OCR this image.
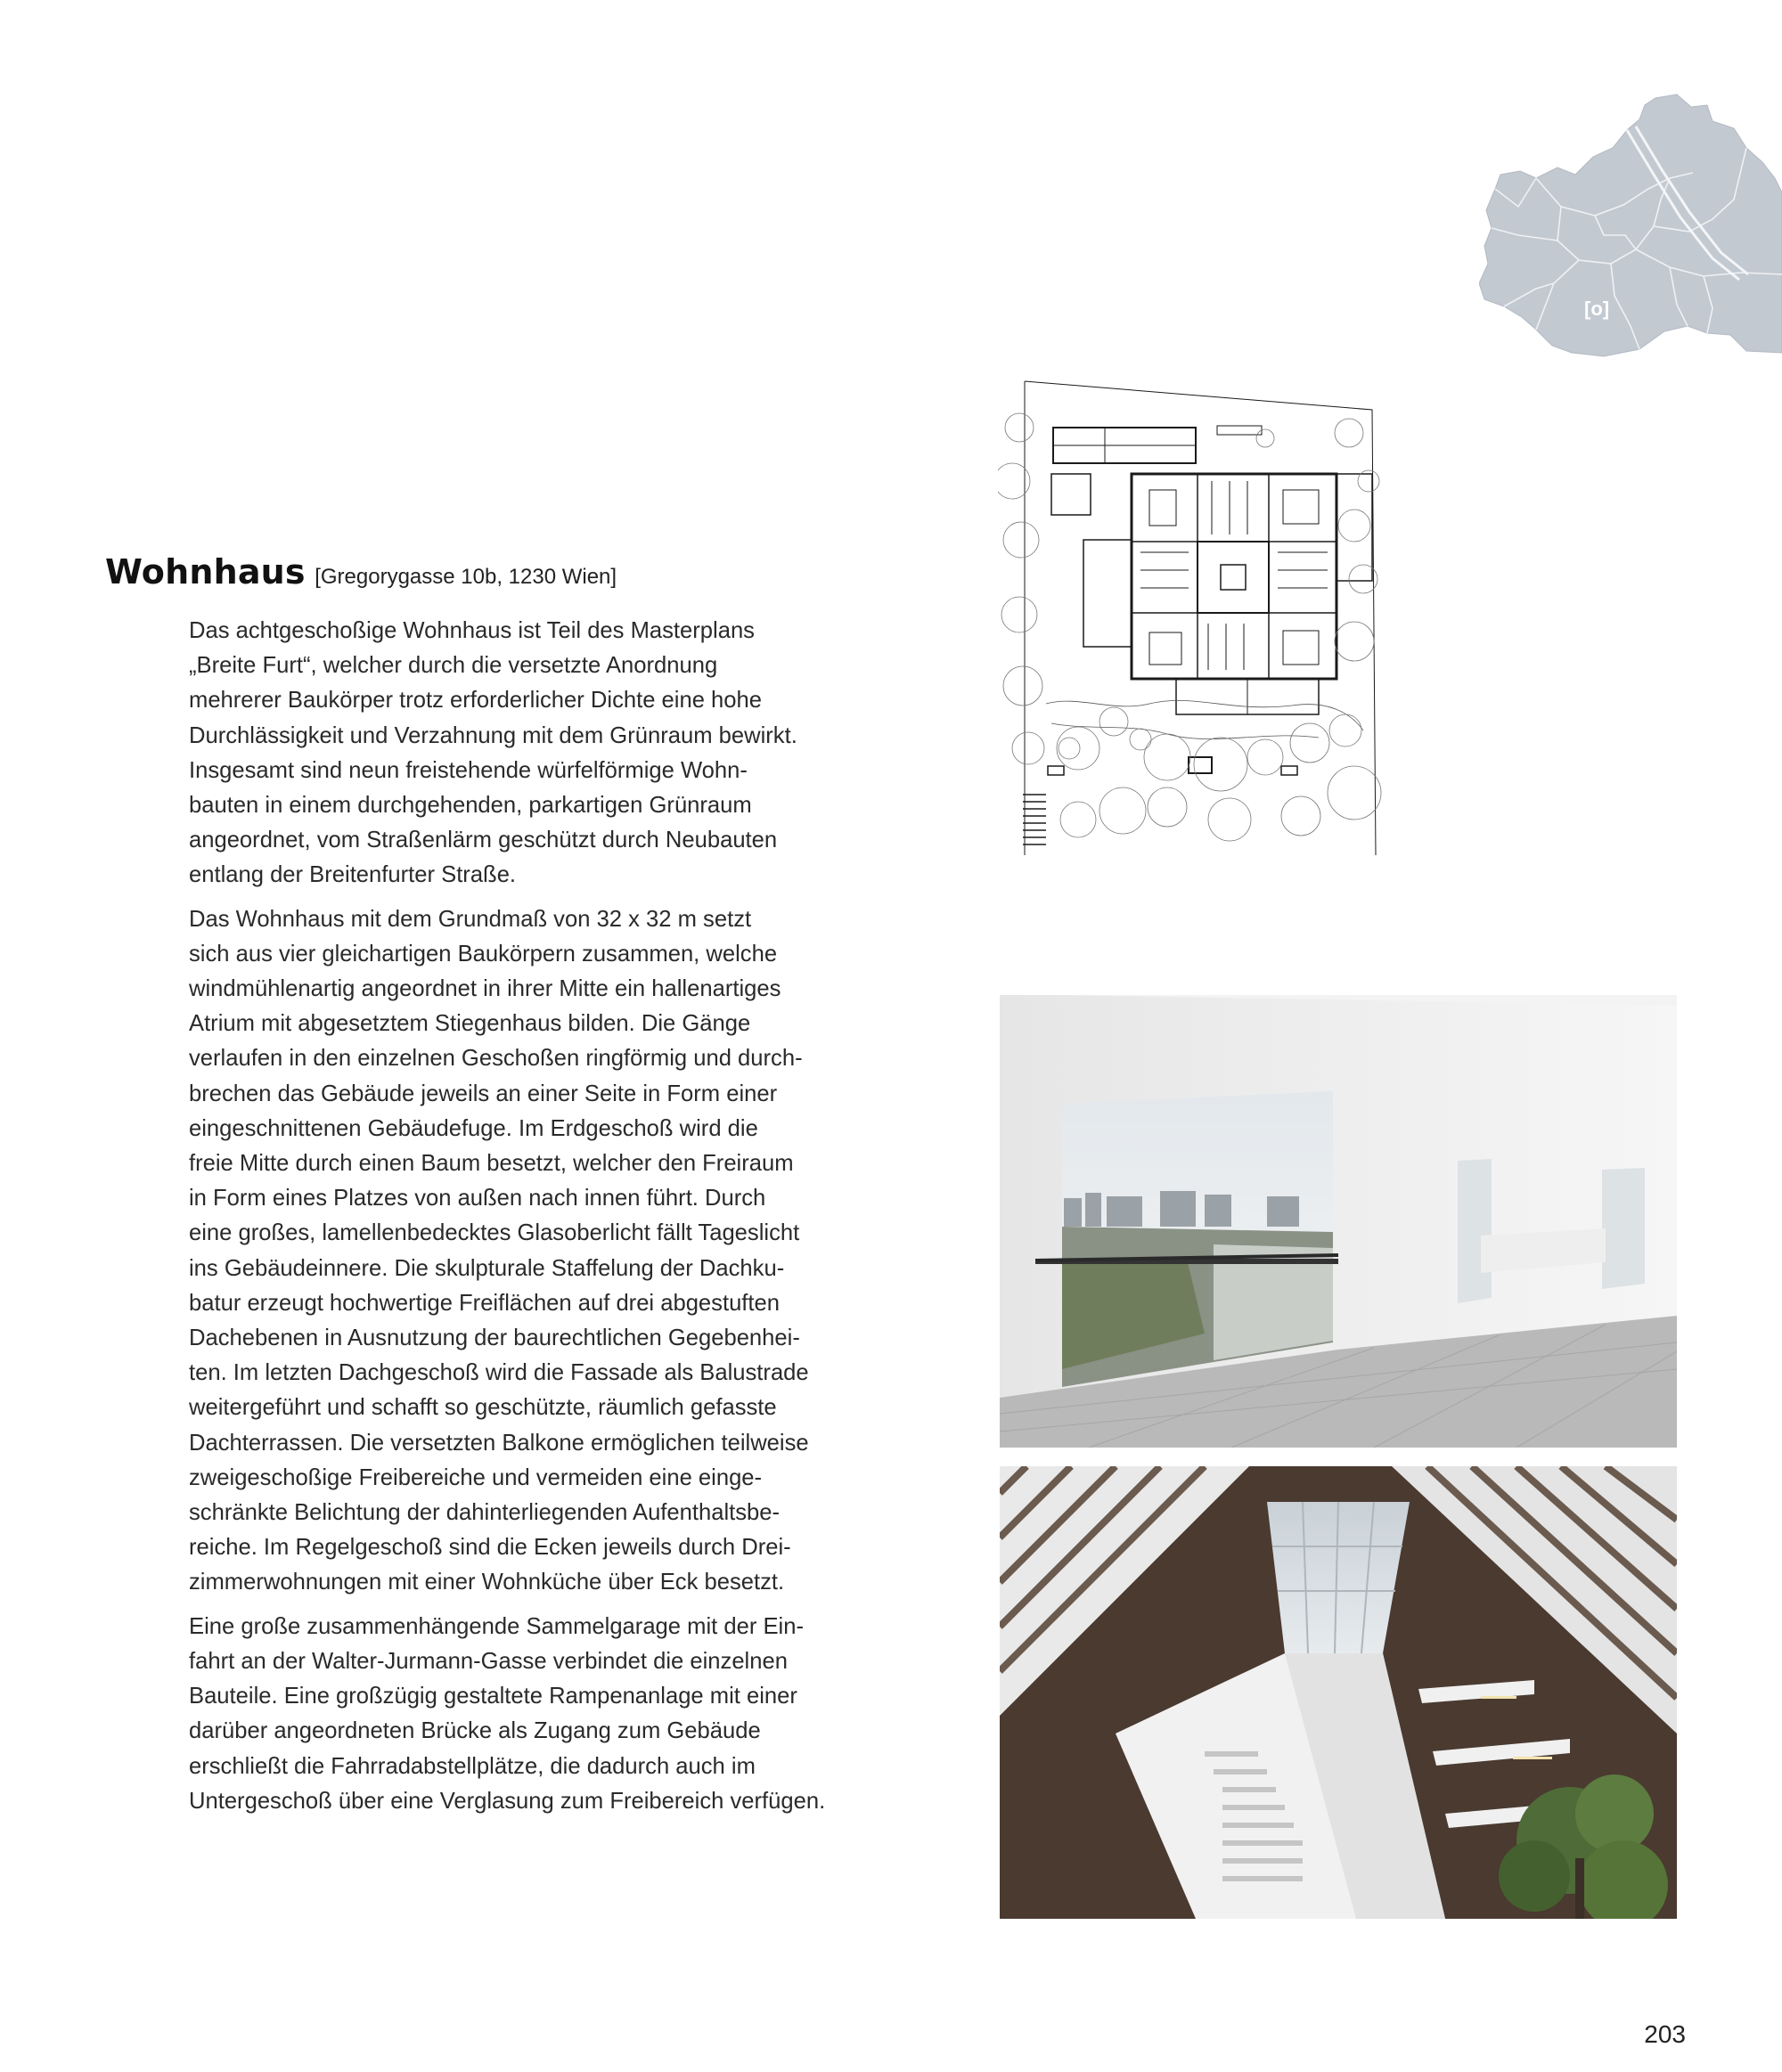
Wohnhaus [Gregorygasse 10b, 1230 Wien]

Das achtgeschoßige Wohnhaus ist Teil des Masterplans
„Breite Furt“, welcher durch die versetzte Anordnung
mehrerer Baukörper trotz erforderlicher Dichte eine hohe
Durchlässigkeit und Verzahnung mit dem Grünraum bewirkt.
Insgesamt sind neun freistehende würfelförmige Wohn-
bauten in einem durchgehenden, parkartigen Grünraum
angeordnet, vom Straßenlärm geschützt durch Neubauten
entlang der Breitenfurter Straße.

Das Wohnhaus mit dem Grundmaß von 32 x 32 m setzt
sich aus vier gleichartigen Baukörpern zusammen, welche
windmühlenartig angeordnet in ihrer Mitte ein hallenartiges
Atrium mit abgesetztem Stiegenhaus bilden. Die Gänge
verlaufen in den einzelnen Geschoßen ringförmig und durch-
brechen das Gebäude jeweils an einer Seite in Form einer
eingeschnittenen Gebäudefuge. Im Erdgeschoß wird die
freie Mitte durch einen Baum besetzt, welcher den Freiraum
in Form eines Platzes von außen nach innen führt. Durch
eine großes, lamellenbedecktes Glasoberlicht fällt Tageslicht
ins Gebäudeinnere. Die skulpturale Staffelung der Dachku-
batur erzeugt hochwertige Freiflächen auf drei abgestuften
Dachebenen in Ausnutzung der baurechtlichen Gegebenhei-
ten. Im letzten Dachgeschoß wird die Fassade als Balustrade
weitergeführt und schafft so geschützte, räumlich gefasste
Dachterrassen. Die versetzten Balkone ermöglichen teilweise
zweigeschoßige Freibereiche und vermeiden eine einge-
schränkte Belichtung der dahinterliegenden Aufenthaltsbe-
reiche. Im Regelgeschoß sind die Ecken jeweils durch Drei-
zimmerwohnungen mit einer Wohnküche über Eck besetzt.

Eine große zusammenhängende Sammelgarage mit der Ein-
fahrt an der Walter-Jurmann-Gasse verbindet die einzelnen
Bauteile. Eine großzügig gestaltete Rampenanlage mit einer
darüber angeordneten Brücke als Zugang zum Gebäude
erschließt die Fahrradabstellplätze, die dadurch auch im
Untergeschoß über eine Verglasung zum Freibereich verfügen.

[o]
203
